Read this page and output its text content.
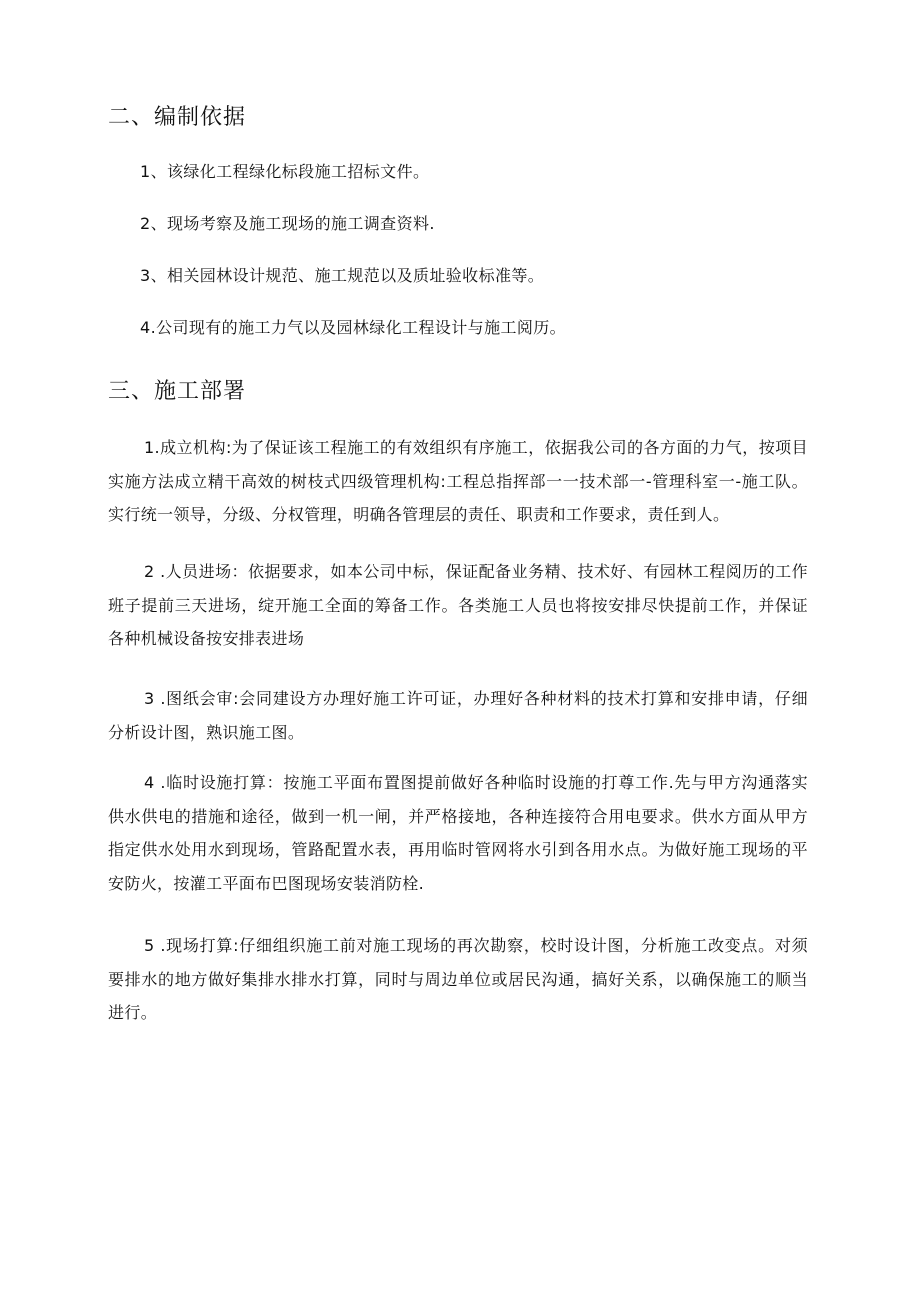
二、编制依据

1、该绿化工程绿化标段施工招标文件。

2、现场考察及施工现场的施工调查资料.

3、相关园林设计规范、施工规范以及质址验收标准等。

4.公司现有的施工力气以及园林绿化工程设计与施工阅历。

三、施工部署

1.成立机构:为了保证该工程施工的有效组织有序施工，依据我公司的各方面的力气，按项目实施方法成立精干高效的树枝式四级管理机构:工程总指挥部一一技术部一-管理科室一-施工队。实行统一领导，分级、分权管理，明确各管理层的责任、职责和工作要求，责任到人。

2 .人员进场：依据要求，如本公司中标，保证配备业务精、技术好、有园林工程阅历的工作班子提前三天进场，绽开施工全面的筹备工作。各类施工人员也将按安排尽快提前工作，并保证各种机械设备按安排表进场

3 .图纸会审:会同建设方办理好施工许可证，办理好各种材料的技术打算和安排申请，仔细分析设计图，熟识施工图。

4 .临时设施打算：按施工平面布置图提前做好各种临时设施的打尊工作.先与甲方沟通落实供水供电的措施和途径，做到一机一闸，并严格接地，各种连接符合用电要求。供水方面从甲方指定供水处用水到现场，管路配置水表，再用临时管网将水引到各用水点。为做好施工现场的平安防火，按灌工平面布巴图现场安装消防栓.

5 .现场打算:仔细组织施工前对施工现场的再次勘察，校时设计图，分析施工改变点。对须要排水的地方做好集排水排水打算，同时与周边单位或居民沟通，搞好关系，以确保施工的顺当进行。
